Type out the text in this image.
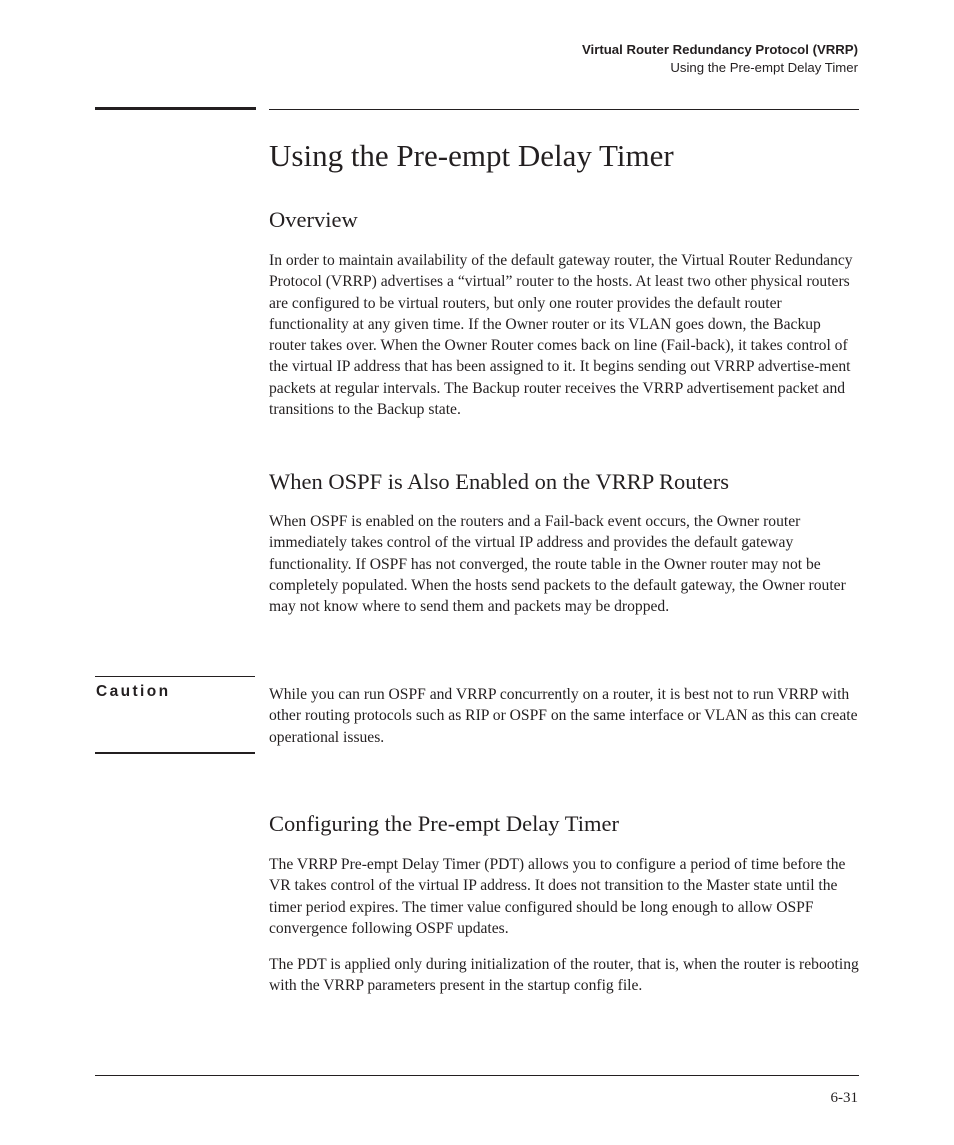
Virtual Router Redundancy Protocol (VRRP)
Using the Pre-empt Delay Timer
Using the Pre-empt Delay Timer
Overview

In order to maintain availability of the default gateway router, the Virtual Router Redundancy Protocol (VRRP) advertises a “virtual” router to the hosts. At least two other physical routers are configured to be virtual routers, but only one router provides the default router functionality at any given time. If the Owner router or its VLAN goes down, the Backup router takes over. When the Owner Router comes back on line (Fail-back), it takes control of the virtual IP address that has been assigned to it. It begins sending out VRRP advertise-ment packets at regular intervals. The Backup router receives the VRRP advertisement packet and transitions to the Backup state.

When OSPF is Also Enabled on the VRRP Routers

When OSPF is enabled on the routers and a Fail-back event occurs, the Owner router immediately takes control of the virtual IP address and provides the default gateway functionality. If OSPF has not converged, the route table in the Owner router may not be completely populated. When the hosts send packets to the default gateway, the Owner router may not know where to send them and packets may be dropped.

Caution	While you can run OSPF and VRRP concurrently on a router, it is best not to run VRRP with other routing protocols such as RIP or OSPF on the same interface or VLAN as this can create operational issues.

Configuring the Pre-empt Delay Timer

The VRRP Pre-empt Delay Timer (PDT) allows you to configure a period of time before the VR takes control of the virtual IP address. It does not transition to the Master state until the timer period expires. The timer value configured should be long enough to allow OSPF convergence following OSPF updates.

The PDT is applied only during initialization of the router, that is, when the router is rebooting with the VRRP parameters present in the startup config file.

6-31
